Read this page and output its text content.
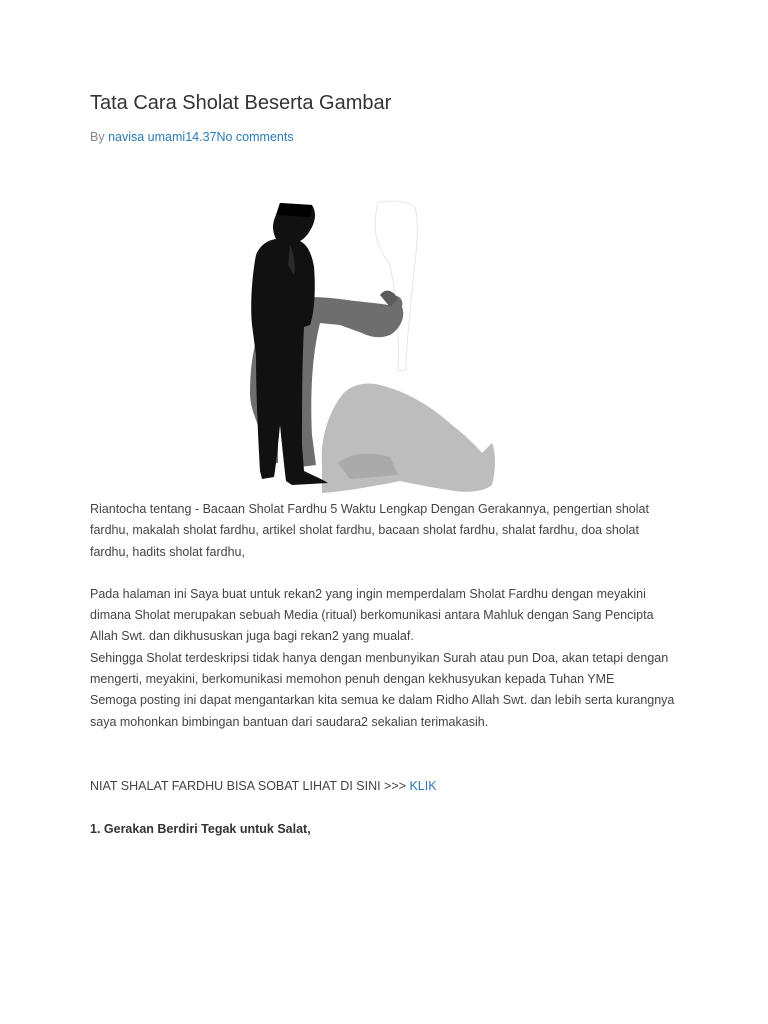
Tata Cara Sholat Beserta Gambar
By navisa umami14.37No comments

Riantocha tentang - Bacaan Sholat Fardhu 5 Waktu Lengkap Dengan Gerakannya, pengertian sholat fardhu, makalah sholat fardhu, artikel sholat fardhu, bacaan sholat fardhu, shalat fardhu, doa sholat fardhu, hadits sholat fardhu,

Pada halaman ini Saya buat untuk rekan2 yang ingin memperdalam Sholat Fardhu dengan meyakini dimana Sholat merupakan sebuah Media (ritual) berkomunikasi antara Mahluk dengan Sang Pencipta Allah Swt. dan dikhususkan juga bagi rekan2 yang mualaf.

Sehingga Sholat terdeskripsi tidak hanya dengan menbunyikan Surah atau pun Doa, akan tetapi dengan mengerti, meyakini, berkomunikasi memohon penuh dengan kekhusyukan kepada Tuhan YME

Semoga posting ini dapat mengantarkan kita semua ke dalam Ridho Allah Swt. dan lebih serta kurangnya saya mohonkan bimbingan bantuan dari saudara2 sekalian terimakasih.

NIAT SHALAT FARDHU BISA SOBAT LIHAT DI SINI >>> KLIK

1. Gerakan Berdiri Tegak untuk Salat,
